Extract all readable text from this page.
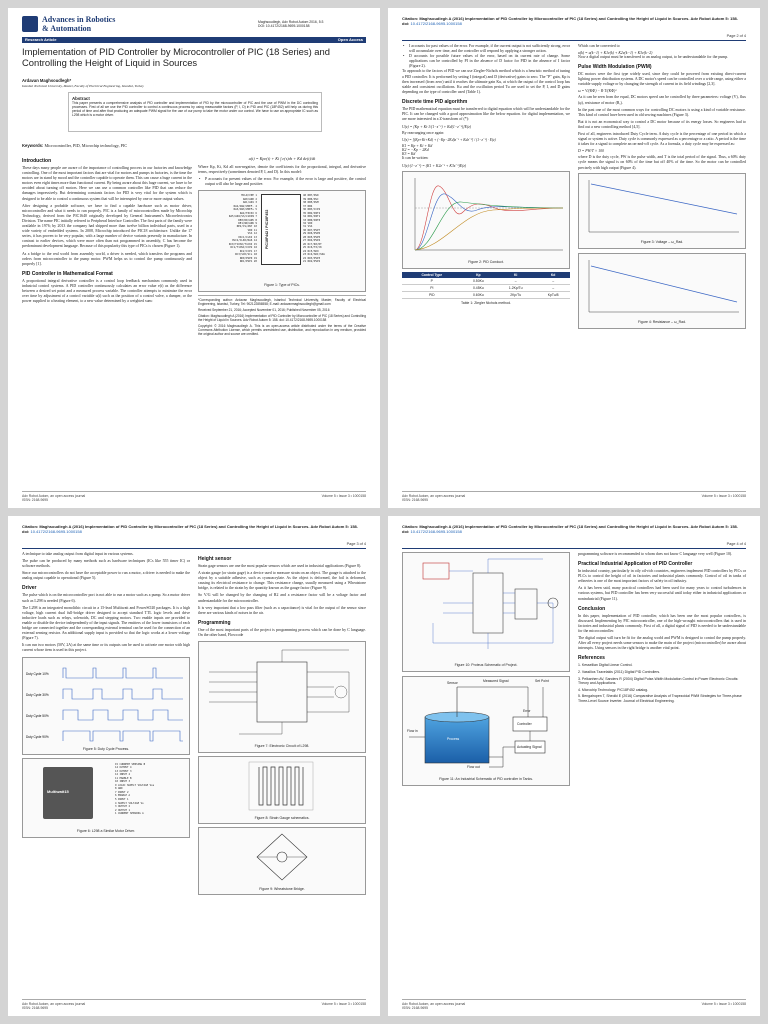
Advances in Robotics
& Automation
Maghsoudlegh, Adv Robot Autom 2016, 5:3
DOI: 10.4172/2168-9695.1000158
Research Article	Open Access
Implementation of PID Controller by Microcontroller of PIC (18 Series) and Controlling the Height of Liquid in Sources
Ardavan Maghsoudlegh*
Istanbul Technical University, Master, Faculty of Electrical Engineering, Istanbul, Turkey
Abstract
This paper presents a comprehensive analysis of PID controller and implementation of PID by the microcontroller of PIC and the use of PWM in the DC controlling processes. First of all we use the PID controller to control a continuous process by using measurable factors (P, I, D) in PID and PIC (18F452) will help us during this period of time and after that producing an adequate PWM signal for the use of our pump to take the motor under our control. We have to use an appropriate IC such as L298 which is a motor driver.
Keywords: Microcontroller, PID, Microchip technology, PIC
Introduction

These days many people are aware of the importance of controlling process in our factories and knowledge controlling. One of the most important factors that are vital for motors and pumps in factories, is the time the motors are in stand by mood and the controller capable to operate them. This can cause a huge current in the motors even eight times more than functional current. By being aware about this huge current, we have to be avoided about turning off motors. Here we can use a common controller like PID that can reduce the damages impressively. But determining constants factors for PID is very vital for the system which is designed to be able to control a continuous system that will be interrupted by one or more output values.

After designing a probable software, we have to find a capable hardware such as motor driver, microcontroller and what it needs to run properly. PIC is a family of microcontrollers made by Microchip Technology, derived from the PIC1640 originally developed by General Instrument's Microelectronics Division. The name PIC initially referred to Peripheral Interface Controller. The first parts of the family were available in 1976; by 2013 the company had shipped more than twelve billion individual parts, used in a wide variety of embedded systems. In 2008, Microchip introduced the PIC18 architecture. Unlike the 17 series, it has proven to be very popular, with a large number of device variants presently in manufacture. In contrast to earlier devices, which were more often than not programmed in assembly, C has become the predominant development language. Because of this popularity this type of PICs is chosen (Figure 1).

As a bridge to the real world from assembly world, a driver is needed, which transfers the programs and orders from microcontroller to the pump motor. PWM helps us to control the pump continuously and properly [1].

PID Controller in Mathematical Format

A proportional integral derivative controller is a control loop feedback mechanism commonly used in industrial control systems. A PID controller continuously calculates an error value e(t) as the difference between a desired set point and a measured process variable. The controller attempts to minimize the error over time by adjustment of a control variable u(t) such as the position of a control valve, a damper, or the power supplied to a heating element, to a new value determined by a weighted sum:

u(t) = Kpe(t) + Ki ∫ e(τ)dτ + Kd de(t)/dt

Where Kp, Ki, Kd all non-negative, denote the coefficients for the proportional, integral, and derivative terms, respectively (sometimes denoted P, I, and D). In this model:

• P accounts for present values of the error. For example, if the error is large and positive, the control output will also be large and positive.
MCLR/VPP 1
RA0/AN0 2
RA1/AN1 3
RA2/AN2/VREF- 4
RA3/AN3/VREF+ 5
RA4/T0CKI 6
RA5/AN4/SS/LVDIN 7
RE0/RD/AN5 8
RE1/WR/AN6 9
RE2/CS/AN7 10
VDD 11
VSS 12
OSC1/CLKI 13
OSC2/CLKO/RA6 14
RC0/T1OSO/T1CKI 15
RC1/T1OSI/CCP2 16
RC2/CCP1 17
RC3/SCK/SCL 18
RD0/PSP0 19
RD1/PSP1 20
PIC18F442 / PIC18F452
40 RB7/PGD
39 RB6/PGC
38 RB5/PGM
37 RB4
36 RB3/CCP2
35 RB2/INT2
34 RB1/INT1
33 RB0/INT0
32 VDD
31 VSS
30 RD7/PSP7
29 RD6/PSP6
28 RD5/PSP5
27 RD4/PSP4
26 RC7/RX/DT
25 RC6/TX/CK
24 RC5/SDO
23 RC4/SDI/SDA
22 RD3/PSP3
21 RD2/PSP2
Figure 1: Type of PICs.

*Corresponding author: Ardavan Maghsoudlegh, Istanbul Technical University, Master, Faculty of Electrical Engineering, Istanbul, Turkey, Tel: 902122856558; E-mail: ardavanmaghsoudlegh@gmail.com

Received September 21, 2016; Accepted November 01, 2016; Published November 05, 2016

Citation: Maghsoudlegh A (2016) Implementation of PID Controller by Microcontroller of PIC (18 Series) and Controlling the Height of Liquid in Sources. Adv Robot Autom 5: 158. doi: 10.4172/2168-9695.1000158

Copyright: © 2016 Maghsoudlegh A. This is an open-access article distributed under the terms of the Creative Commons Attribution License, which permits unrestricted use, distribution, and reproduction in any medium, provided the original author and source are credited.

Adv Robot Autom, an open access journal
ISSN: 2168-9695
Volume 5 • Issue 3 • 1000158
Citation: Maghsoudlegh A (2016) Implementation of PID Controller by Microcontroller of PIC (18 Series) and Controlling the Height of Liquid in Sources. Adv Robot Autom 5: 158. doi: 10.4172/2168-9695.1000158
Page 2 of 4
• I accounts for past values of the error. For example, if the current output is not sufficiently strong, error will accumulate over time, and the controller will respond by applying a stronger action.
• D accounts for possible future values of the error, based on its current rate of change. Some applications can be controlled by PI in the absence of D factor for PID in the absence of I factor (Figure 2).

To approach to the factors of PID we can use Ziegler-Nichols method which is a heuristic method of tuning a PID controller. It is performed by setting I (integral) and D (derivative) gains to zero. The "P" gain, Kp is then increased (from zero) until it reaches the ultimate gain Ku, at which the output of the control loop has stable and consistent oscillations. Ku and the oscillation period Tu are used to set the P, I, and D gains depending on the type of controller used (Table 1).

Discrete time PID algorithm

The PID mathematical equation must be transferred to digital equation which will be understandable for the PIC. It can be changed with a good approximation like the below equation. for digital implementation, we are more interested in a Z-transform of (*):

U(z) = [Kp + Ki·1/(1−z⁻¹) + Kd(1−z⁻¹)]E(z)

By rearranging once again:

U(z) = [(Kp+Ki+Kd) + (−Kp−2Kd)z⁻¹ + Kdz⁻²] / (1−z⁻¹) · E(z)
K1 = Kp + Ki + Kd
K2 = −Kp − 2Kd
K3 = Kd

It can be written:

U(z)·(1−z⁻¹) = (K1 + K2z⁻¹ + K3z⁻²)E(z)
Figure 2: PID Conduct.
Control Type	Kp	Ki	Kd
P	0.50Ku	–	–
PI	0.45Ku	1.2Kp/Tu	–
PID	0.60Ku	2Kp/Tu	KpTu/8
Table 1: Ziegler Nichols method.

Which can be converted to

u(k) = u(k−1) + K1e(k) + K2e(k−1) + K3e(k−2)

Now a digital output must be transferred to an analog output, to be understandable for the pump.

Pulse Width Modulation (PWM)

DC motors were the first type widely used, since they could be powered from existing direct-current lighting power distribution systems. A DC motor's speed can be controlled over a wide range, using either a variable supply voltage or by changing the strength of current in its field windings [2,3].

ω = V/(KΦ) − R·T/(KΦ)²

As it can be seen from the equal, DC motors speed can be controlled by three parameters: voltage (V), flux (φ), resistance of motor (Rₐ).

In the past one of the most common ways for controlling DC motors is using a kind of variable resistance. This kind of control have been used in old sewing machines (Figure 3).

But it is not an economical way to control a DC motor because of its energy losses. So engineers had to find out a new controlling method [4,5].

First of all, engineers introduced Duty Cycle term. A duty cycle is the percentage of one period in which a signal or system is active. Duty cycle is commonly expressed as a percentage or a ratio. A period is the time it takes for a signal to complete an on-and-off cycle. As a formula, a duty cycle may be expressed as:

D = PW/T × 100

where D is the duty cycle, PW is the pulse width, and T is the total period of the signal. Thus, a 60% duty cycle means the signal is on 60% of the time but off 40% of the time. So the motor can be controlled precisely with high output (Figure 4).

Figure 3: Voltage – ω_Rad.
Figure 4: Resistance – ω_Rad.
Adv Robot Autom, an open access journal
ISSN: 2168-9695
Volume 5 • Issue 3 • 1000158
Citation: Maghsoudlegh A (2016) Implementation of PID Controller by Microcontroller of PIC (18 Series) and Controlling the Height of Liquid in Sources. Adv Robot Autom 5: 158. doi: 10.4172/2168-9695.1000158
Page 3 of 4

A technique to take analog output from digital input in various systems.

The pulse can be produced by many methods such as hardware techniques (ICs like 555 timer IC) or software methods.

Since our microcontrollers do not have the acceptable power to run a motor, a driver is needed to make the analog output capable to operational (Figure 5).

Driver

The pulse which is on the microcontroller port is not able to run a motor such as a pump. So a motor driver such as L298 is needed (Figure 6).

The L298 is an integrated monolithic circuit in a 15-lead Multiwatt and PowerSO20 packages. It is a high voltage, high current dual full-bridge driver designed to accept standard TTL logic levels and drive inductive loads such as relays, solenoids, DC and stepping motors. Two enable inputs are provided to enable or disable the device independently of the input signals. The emitters of the lower transistors of each bridge are connected together and the corresponding external terminal can be used for the connection of an external sensing resistor. An additional supply input is provided so that the logic works at a lower voltage (Figure 7).

It can run two motors (50V, 2A) at the same time or its outputs can be used to activate one motor with high current whose item is used in this project.

Duty Cycle 10%
Duty Cycle 30%
Duty Cycle 50%
Duty Cycle 90%
Figure 5: Duty Cycle Process.
Multiwatt15
15 CURRENT SENSING B
14 OUTPUT 4
13 OUTPUT 3
12 INPUT 4
11 ENABLE B
10 INPUT 3
9 LOGIC SUPPLY VOLTAGE Vss
8 GND
7 INPUT 2
6 ENABLE A
5 INPUT 1
4 SUPPLY VOLTAGE Vs
3 OUTPUT 2
2 OUTPUT 1
1 CURRENT SENSING A
Figure 6: L298 a Similar Motor Driver.
Height sensor

Strain gage sensors are one the most popular sensors which are used in industrial applications (Figure 8).

A strain gauge (or strain gage) is a device used to measure strain on an object. The gauge is attached to the object by a suitable adhesive, such as cyanoacrylate. As the object is deformed, the foil is deformed, causing its electrical resistance to change. This resistance change, usually measured using a Wheatstone bridge, is related to the strain by the quantity known as the gauge factor (Figure 9).

So V/G will be changed by the changing of R2 and a resistance factor will be a voltage factor and understandable for the microcontroller.

It is very important that a low pass filter (such as a capacitance) is vital for the output of the sensor since there are various kinds of noises in the air.

Programming

One of the most important parts of the project is programming process which can be done by C language. On the other hand, Flowcode

Figure 7: Electronic Circuit of L298.
Figure 8: Strain Gauge schematics.
Figure 9: Wheatstone Bridge.
Adv Robot Autom, an open access journal
ISSN: 2168-9695
Volume 5 • Issue 3 • 1000158
Citation: Maghsoudlegh A (2016) Implementation of PID Controller by Microcontroller of PIC (18 Series) and Controlling the Height of Liquid in Sources. Adv Robot Autom 5: 158. doi: 10.4172/2168-9695.1000158
Page 4 of 4
Figure 10: Proteus Schematic of Project.
Sensor	Measured Signal	Set Point
Flow in
Error
Controller
Actuating Signal
Process
Flow out
Figure 11: An Industrial Schematic of PID controller in Tanks.

programming software is recommended to whom does not know C language very well (Figure 10).

Practical Industrial Application of PID Controller

In industrial country, particularly in oily oil-rich countries, engineers implement PID controllers by PICs or PLCs to control the height of oil in factories and industrial plants commonly. Control of oil in tanks of refineries is one of the most important factors of safety in oil industry.

As it has been said, many practical controllers had been used for many years to control turbulences in various systems, but PID controller has been very successful until today either in industrial applications or nonindustrial (Figure 11).

Conclusion

In this paper, implementation of PID controller, which has been one the most popular controllers, is discussed. Implementing by PIC microcontroller, one of the high-wrought microcontrollers that is used in factories and industrial plants commonly. First of all, a digital signal of PID is needed to be understandable for the microcontroller.

The digital output will turn be fit for the analog world and PWM is designed to control the pump properly. After all every project needs some sensors to make the main of the project (microcontroller) be aware about interrupts. Using sensors in the right bridge is another vital point.

References
1. Kessellian Digital Linear Control.
2. Vassilios Tzavelakis (2011) Digital PID Controllers.
3. Pelkanhen AV, Sanders R (2004) Digital Pulse-Width Modulation Control in Power Electronic Circuits: Theory and Applications.
4. Microchip Technology. PIC18F452 catalog.
5. Bengalropen T, Sheolki E (2016) Comparative Analysis of Trapezoidal PWM Strategies for Three-phase Three-Level Source Inverter. Journal of Electrical Engineering.
Adv Robot Autom, an open access journal
ISSN: 2168-9695
Volume 5 • Issue 3 • 1000158
